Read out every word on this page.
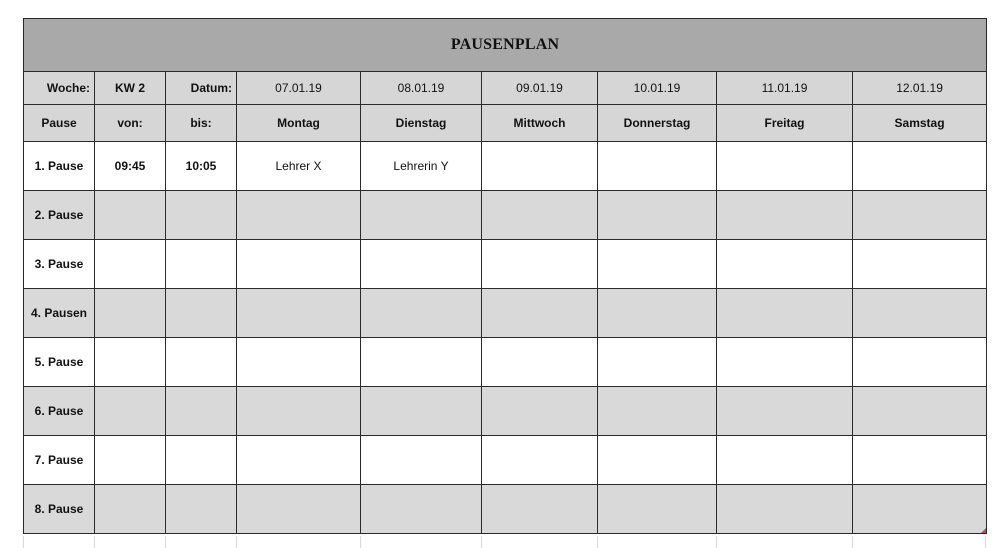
PAUSENPLAN								
Woche:	KW 2	Datum:	07.01.19	08.01.19	09.01.19	10.01.19	11.01.19	12.01.19
Pause	von:	bis:	Montag	Dienstag	Mittwoch	Donnerstag	Freitag	Samstag
1. Pause	09:45	10:05	Lehrer X	Lehrerin Y				
2. Pause								
3. Pause								
4. Pausen								
5. Pause								
6. Pause								
7. Pause								
8. Pause								
